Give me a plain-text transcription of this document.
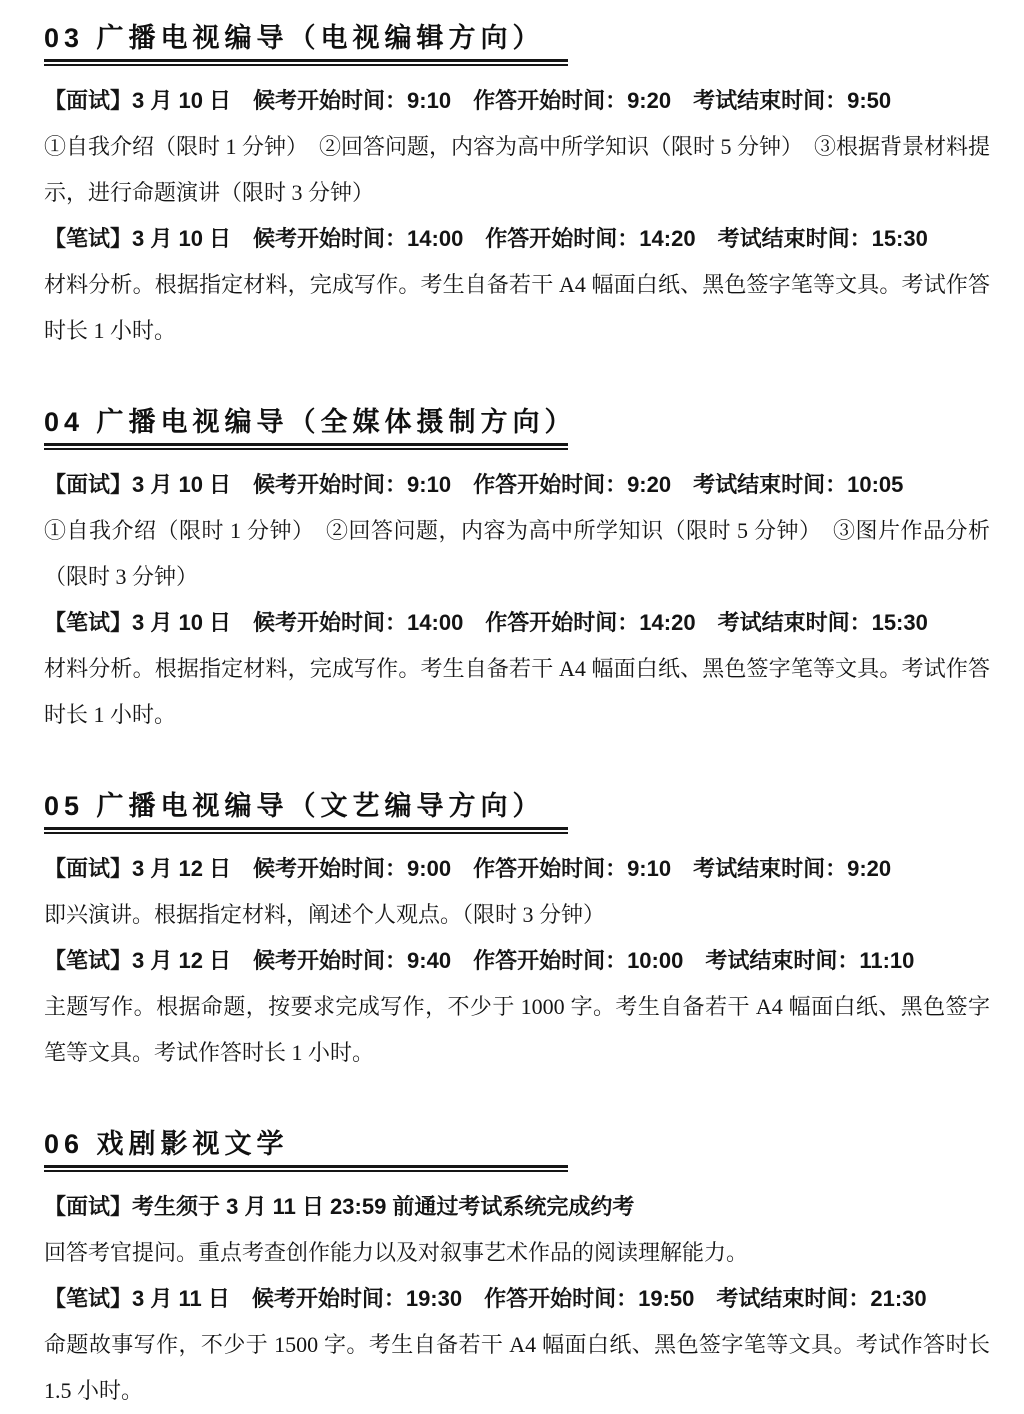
03 广播电视编导（电视编辑方向）

【面试】3 月 10 日　候考开始时间：9:10　作答开始时间：9:20　考试结束时间：9:50

①自我介绍（限时 1 分钟）　②回答问题，内容为高中所学知识（限时 5 分钟）　③根据背景材料提示，进行命题演讲（限时 3 分钟）

【笔试】3 月 10 日　候考开始时间：14:00　作答开始时间：14:20　考试结束时间：15:30

材料分析。根据指定材料，完成写作。考生自备若干 A4 幅面白纸、黑色签字笔等文具。考试作答时长 1 小时。

04 广播电视编导（全媒体摄制方向）

【面试】3 月 10 日　候考开始时间：9:10　作答开始时间：9:20　考试结束时间：10:05

①自我介绍（限时 1 分钟）　②回答问题，内容为高中所学知识（限时 5 分钟）　③图片作品分析（限时 3 分钟）

【笔试】3 月 10 日　候考开始时间：14:00　作答开始时间：14:20　考试结束时间：15:30

材料分析。根据指定材料，完成写作。考生自备若干 A4 幅面白纸、黑色签字笔等文具。考试作答时长 1 小时。

05 广播电视编导（文艺编导方向）

【面试】3 月 12 日　候考开始时间：9:00　作答开始时间：9:10　考试结束时间：9:20

即兴演讲。根据指定材料，阐述个人观点。（限时 3 分钟）

【笔试】3 月 12 日　候考开始时间：9:40　作答开始时间：10:00　考试结束时间：11:10

主题写作。根据命题，按要求完成写作，不少于 1000 字。考生自备若干 A4 幅面白纸、黑色签字笔等文具。考试作答时长 1 小时。

06 戏剧影视文学

【面试】考生须于 3 月 11 日 23:59 前通过考试系统完成约考

回答考官提问。重点考查创作能力以及对叙事艺术作品的阅读理解能力。

【笔试】3 月 11 日　候考开始时间：19:30　作答开始时间：19:50　考试结束时间：21:30

命题故事写作，不少于 1500 字。考生自备若干 A4 幅面白纸、黑色签字笔等文具。考试作答时长 1.5 小时。
